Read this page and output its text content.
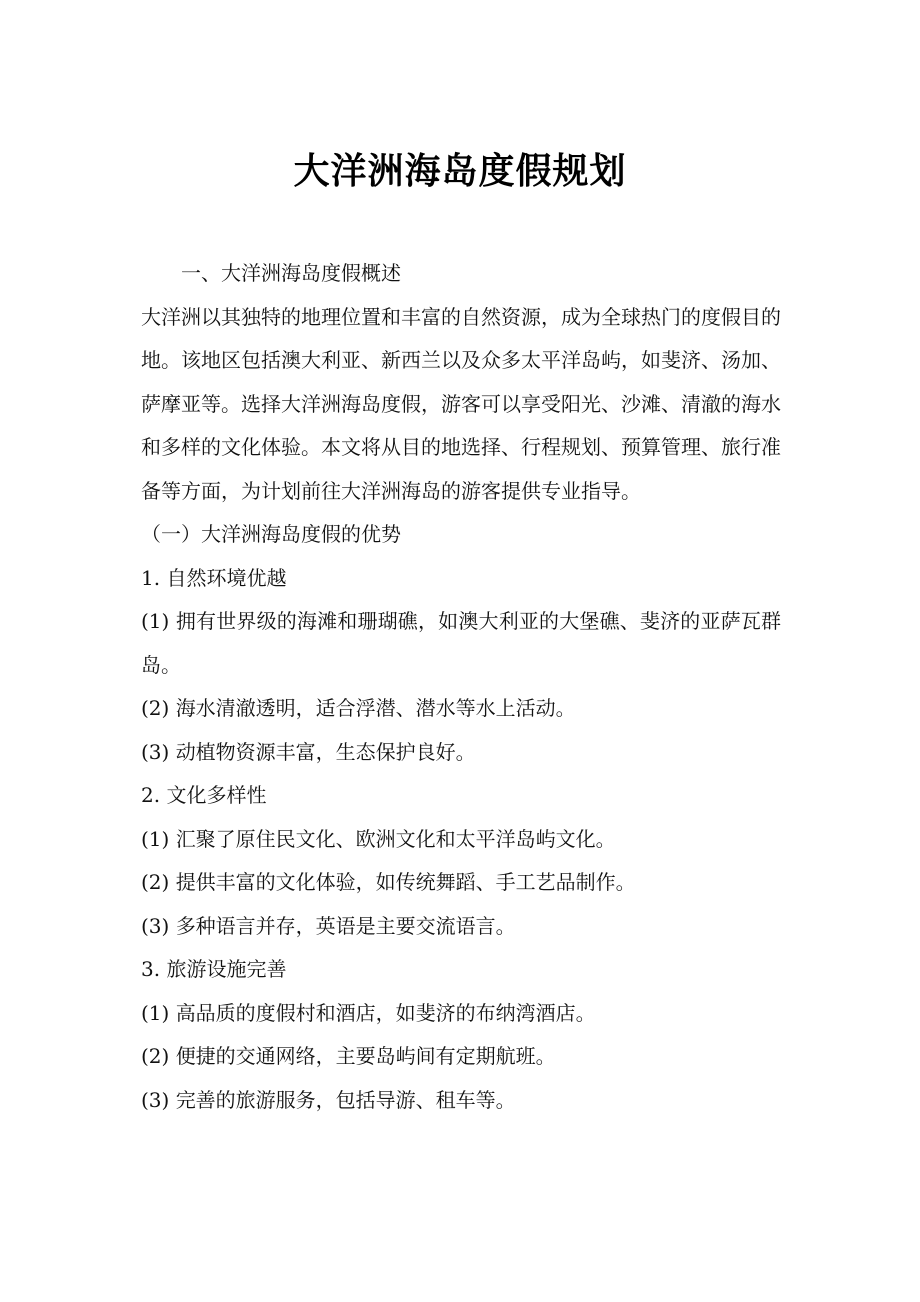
大洋洲海岛度假规划

一、大洋洲海岛度假概述

大洋洲以其独特的地理位置和丰富的自然资源，成为全球热门的度假目的地。该地区包括澳大利亚、新西兰以及众多太平洋岛屿，如斐济、汤加、萨摩亚等。选择大洋洲海岛度假，游客可以享受阳光、沙滩、清澈的海水和多样的文化体验。本文将从目的地选择、行程规划、预算管理、旅行准备等方面，为计划前往大洋洲海岛的游客提供专业指导。

（一）大洋洲海岛度假的优势

1. 自然环境优越

(1) 拥有世界级的海滩和珊瑚礁，如澳大利亚的大堡礁、斐济的亚萨瓦群岛。

(2) 海水清澈透明，适合浮潜、潜水等水上活动。

(3) 动植物资源丰富，生态保护良好。

2. 文化多样性

(1) 汇聚了原住民文化、欧洲文化和太平洋岛屿文化。

(2) 提供丰富的文化体验，如传统舞蹈、手工艺品制作。

(3) 多种语言并存，英语是主要交流语言。

3. 旅游设施完善

(1) 高品质的度假村和酒店，如斐济的布纳湾酒店。

(2) 便捷的交通网络，主要岛屿间有定期航班。

(3) 完善的旅游服务，包括导游、租车等。
